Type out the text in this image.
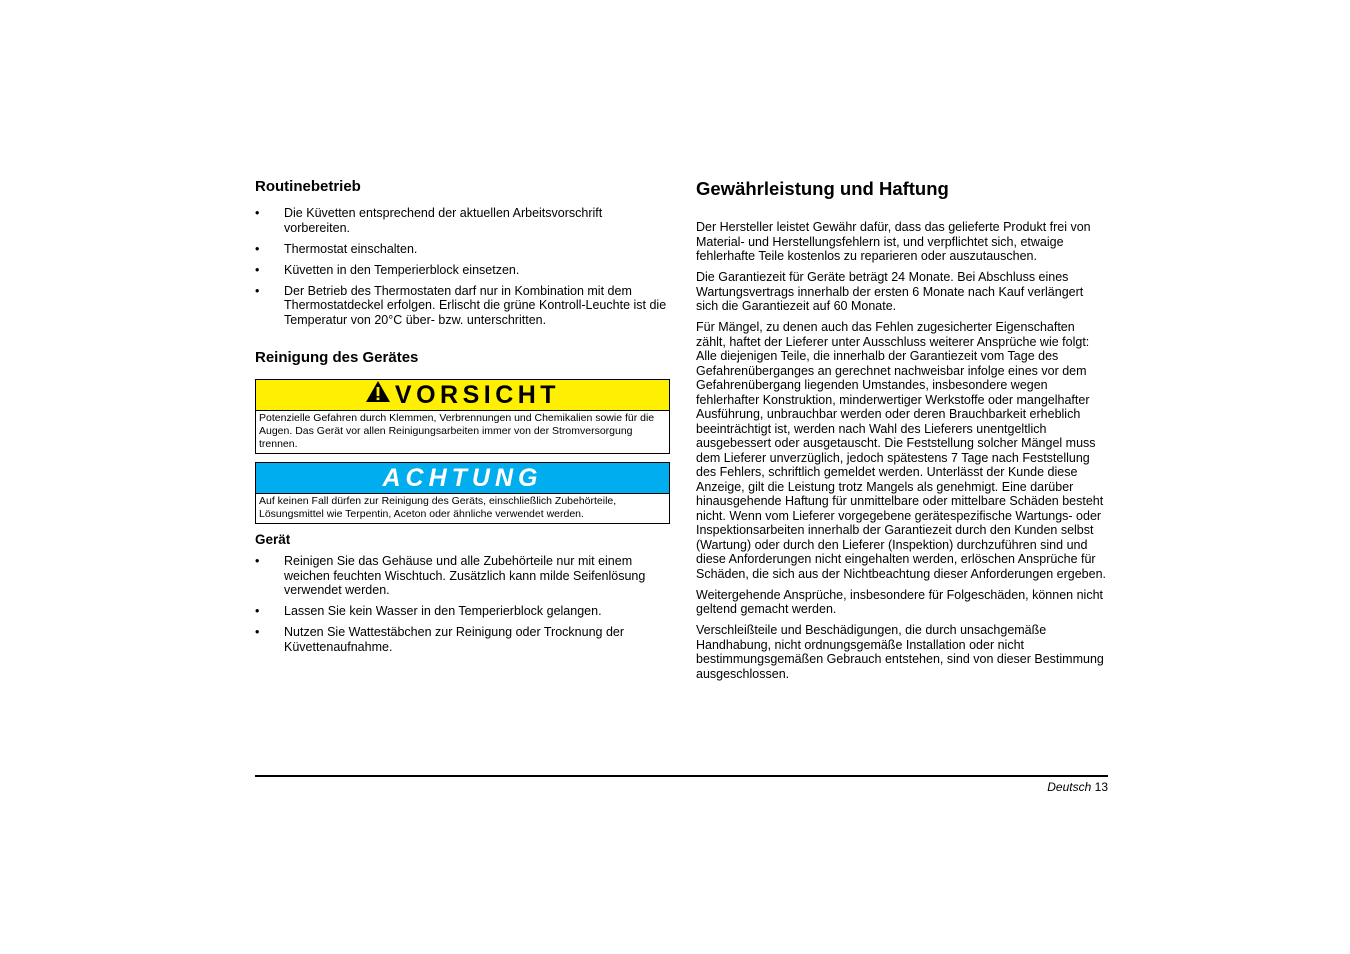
Routinebetrieb
• Die Küvetten entsprechend der aktuellen Arbeitsvorschrift vorbereiten.
• Thermostat einschalten.
• Küvetten in den Temperierblock einsetzen.
• Der Betrieb des Thermostaten darf nur in Kombination mit dem Thermostatdeckel erfolgen. Erlischt die grüne Kontroll-Leuchte ist die Temperatur von 20°C über- bzw. unterschritten.
Reinigung des Gerätes
VORSICHT
Potenzielle Gefahren durch Klemmen, Verbrennungen und Chemikalien sowie für die Augen. Das Gerät vor allen Reinigungsarbeiten immer von der Stromversorgung trennen.
ACHTUNG
Auf keinen Fall dürfen zur Reinigung des Geräts, einschließlich Zubehörteile, Lösungsmittel wie Terpentin, Aceton oder ähnliche verwendet werden.
Gerät
• Reinigen Sie das Gehäuse und alle Zubehörteile nur mit einem weichen feuchten Wischtuch. Zusätzlich kann milde Seifenlösung verwendet werden.
• Lassen Sie kein Wasser in den Temperierblock gelangen.
• Nutzen Sie Wattestäbchen zur Reinigung oder Trocknung der Küvettenaufnahme.
Gewährleistung und Haftung

Der Hersteller leistet Gewähr dafür, dass das gelieferte Produkt frei von Material- und Herstellungsfehlern ist, und verpflichtet sich, etwaige fehlerhafte Teile kostenlos zu reparieren oder auszutauschen.

Die Garantiezeit für Geräte beträgt 24 Monate. Bei Abschluss eines Wartungsvertrags innerhalb der ersten 6 Monate nach Kauf verlängert sich die Garantiezeit auf 60 Monate.

Für Mängel, zu denen auch das Fehlen zugesicherter Eigenschaften zählt, haftet der Lieferer unter Ausschluss weiterer Ansprüche wie folgt: Alle diejenigen Teile, die innerhalb der Garantiezeit vom Tage des Gefahrenüberganges an gerechnet nachweisbar infolge eines vor dem Gefahrenübergang liegenden Umstandes, insbesondere wegen fehlerhafter Konstruktion, minderwertiger Werkstoffe oder mangelhafter Ausführung, unbrauchbar werden oder deren Brauchbarkeit erheblich beeinträchtigt ist, werden nach Wahl des Lieferers unentgeltlich ausgebessert oder ausgetauscht. Die Feststellung solcher Mängel muss dem Lieferer unverzüglich, jedoch spätestens 7 Tage nach Feststellung des Fehlers, schriftlich gemeldet werden. Unterlässt der Kunde diese Anzeige, gilt die Leistung trotz Mangels als genehmigt. Eine darüber hinausgehende Haftung für unmittelbare oder mittelbare Schäden besteht nicht. Wenn vom Lieferer vorgegebene gerätespezifische Wartungs- oder Inspektionsarbeiten innerhalb der Garantiezeit durch den Kunden selbst (Wartung) oder durch den Lieferer (Inspektion) durchzuführen sind und diese Anforderungen nicht eingehalten werden, erlöschen Ansprüche für Schäden, die sich aus der Nichtbeachtung dieser Anforderungen ergeben.

Weitergehende Ansprüche, insbesondere für Folgeschäden, können nicht geltend gemacht werden.

Verschleißteile und Beschädigungen, die durch unsachgemäße Handhabung, nicht ordnungsgemäße Installation oder nicht bestimmungsgemäßen Gebrauch entstehen, sind von dieser Bestimmung ausgeschlossen.

Deutsch 13
